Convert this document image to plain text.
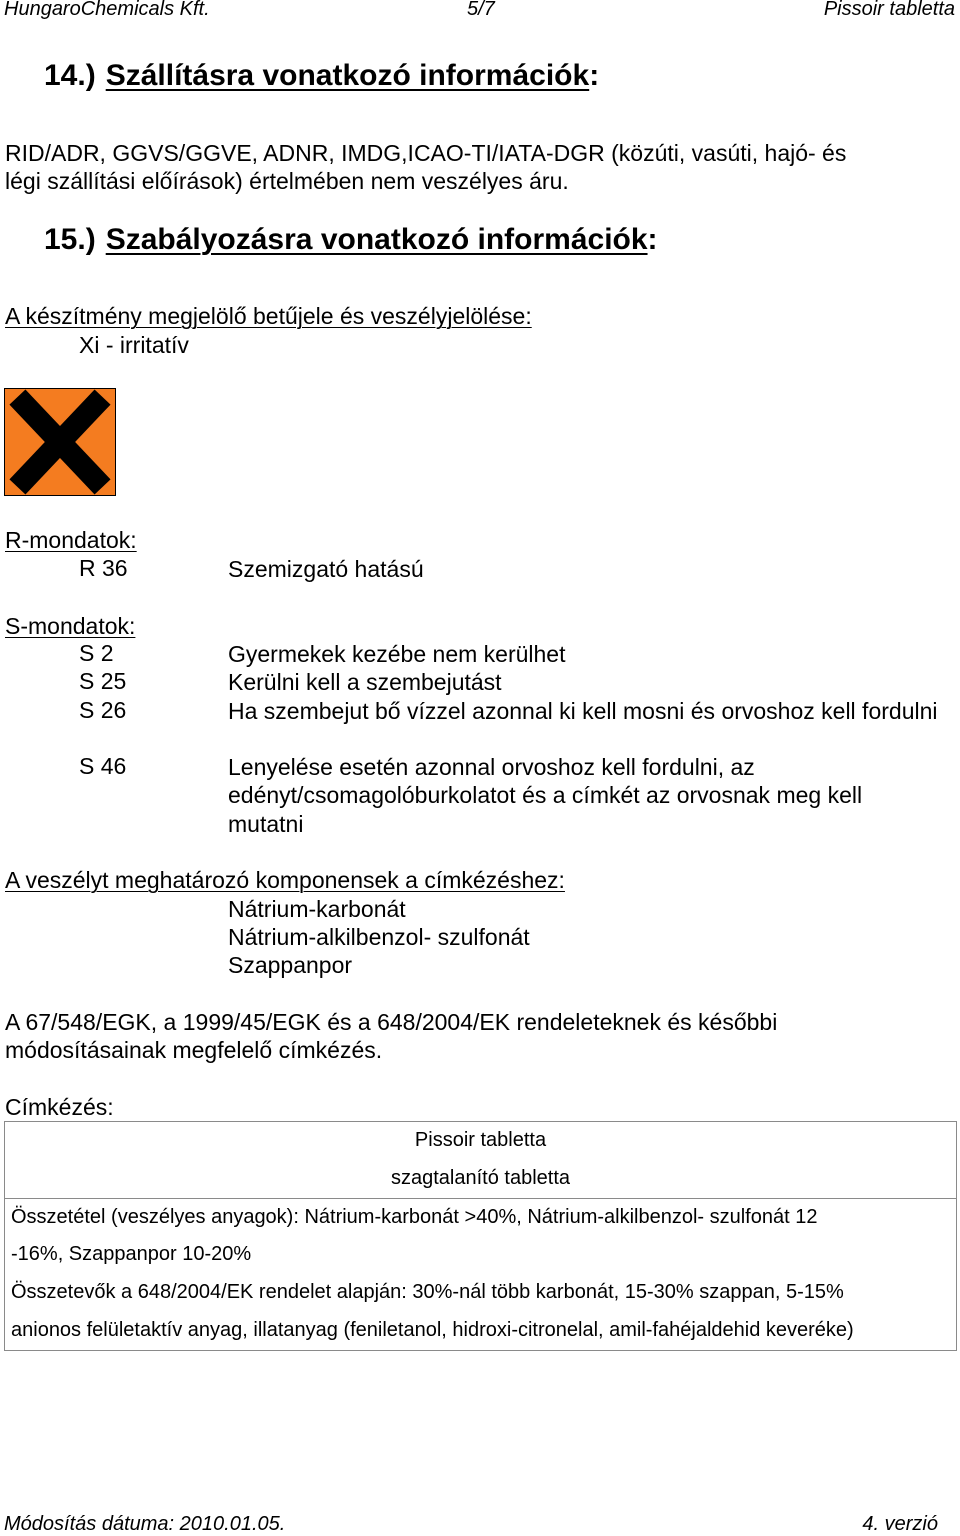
HungaroChemicals Kft.	5/7	Pissoir tabletta
14.) Szállításra vonatkozó információk:
RID/ADR, GGVS/GGVE, ADNR, IMDG,ICAO-TI/IATA-DGR (közúti, vasúti, hajó- és
légi szállítási előírások) értelmében nem veszélyes áru.
15.) Szabályozásra vonatkozó információk:
A készítmény megjelölő betűjele és veszélyjelölése:
Xi - irritatív
R-mondatok:
R 36	Szemizgató hatású
S-mondatok:
S 2	Gyermekek kezébe nem kerülhet
S 25	Kerülni kell a szembejutást
S 26	Ha szembejut bő vízzel azonnal ki kell mosni és orvoshoz kell fordulni
S 46	Lenyelése esetén azonnal orvoshoz kell fordulni, az edényt/csomagolóburkolatot és a címkét az orvosnak meg kell mutatni
A veszélyt meghatározó komponensek a címkézéshez:
Nátrium-karbonát
Nátrium-alkilbenzol- szulfonát
Szappanpor
A 67/548/EGK, a 1999/45/EGK és a 648/2004/EK rendeleteknek és későbbi
módosításainak megfelelő címkézés.
Címkézés:
Pissoir tabletta
szagtalanító tabletta

Összetétel (veszélyes anyagok): Nátrium-karbonát >40%, Nátrium-alkilbenzol- szulfonát 12
-16%, Szappanpor 10-20%
Összetevők a 648/2004/EK rendelet alapján: 30%-nál több karbonát, 15-30% szappan, 5-15%
anionos felületaktív anyag, illatanyag (feniletanol, hidroxi-citronelal, amil-fahéjaldehid keveréke)
Módosítás dátuma: 2010.01.05.	4. verzió
